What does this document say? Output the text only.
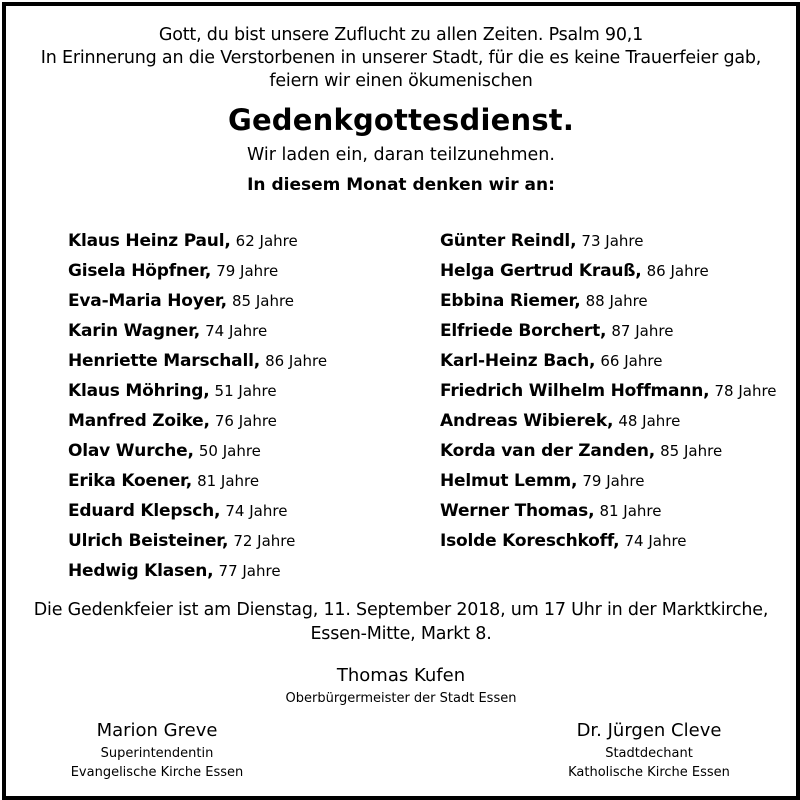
Gott, du bist unsere Zuflucht zu allen Zeiten. Psalm 90,1
In Erinnerung an die Verstorbenen in unserer Stadt, für die es keine Trauerfeier gab,
feiern wir einen ökumenischen
Gedenkgottesdienst.
Wir laden ein, daran teilzunehmen.
In diesem Monat denken wir an:
Klaus Heinz Paul, 62 Jahre
Gisela Höpfner, 79 Jahre
Eva-Maria Hoyer, 85 Jahre
Karin Wagner, 74 Jahre
Henriette Marschall, 86 Jahre
Klaus Möhring, 51 Jahre
Manfred Zoike, 76 Jahre
Olav Wurche, 50 Jahre
Erika Koener, 81 Jahre
Eduard Klepsch, 74 Jahre
Ulrich Beisteiner, 72 Jahre
Hedwig Klasen, 77 Jahre
Günter Reindl, 73 Jahre
Helga Gertrud Krauß, 86 Jahre
Ebbina Riemer, 88 Jahre
Elfriede Borchert, 87 Jahre
Karl-Heinz Bach, 66 Jahre
Friedrich Wilhelm Hoffmann, 78 Jahre
Andreas Wibierek, 48 Jahre
Korda van der Zanden, 85 Jahre
Helmut Lemm, 79 Jahre
Werner Thomas, 81 Jahre
Isolde Koreschkoff, 74 Jahre
Die Gedenkfeier ist am Dienstag, 11. September 2018, um 17 Uhr in der Marktkirche,
Essen-Mitte, Markt 8.
Thomas Kufen
Oberbürgermeister der Stadt Essen
Marion Greve
Superintendentin
Evangelische Kirche Essen
Dr. Jürgen Cleve
Stadtdechant
Katholische Kirche Essen
